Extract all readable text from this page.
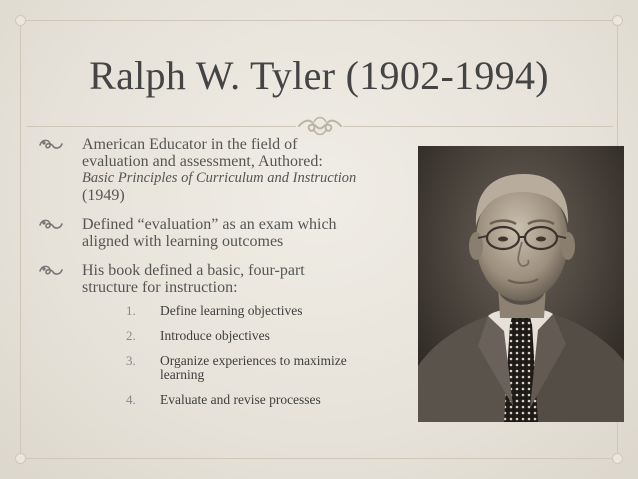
Ralph W. Tyler (1902-1994)
American Educator in the field of
evaluation and assessment, Authored:
Basic Principles of Curriculum and Instruction
(1949)
Defined “evaluation” as an exam which
aligned with learning outcomes
His book defined a basic, four-part
structure for instruction:
1. Define learning objectives
2. Introduce objectives
3. Organize experiences to maximize
learning
4. Evaluate and revise processes
